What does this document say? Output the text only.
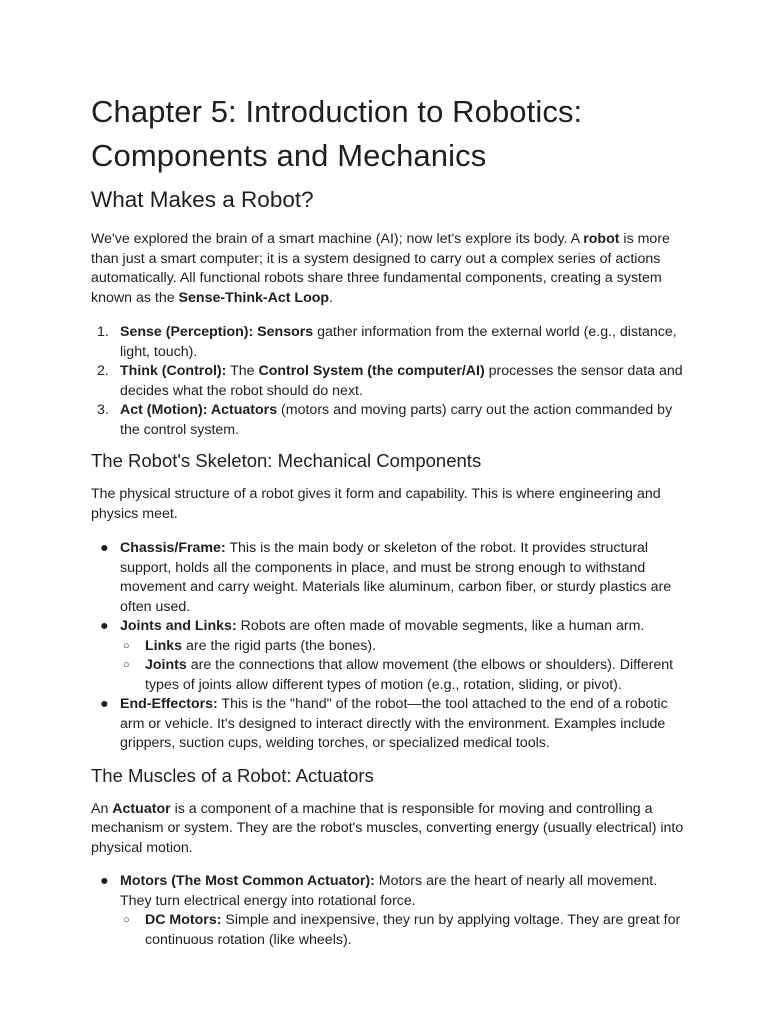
Chapter 5: Introduction to Robotics:
Components and Mechanics
What Makes a Robot?

We've explored the brain of a smart machine (AI); now let's explore its body. A robot is more than just a smart computer; it is a system designed to carry out a complex series of actions automatically. All functional robots share three fundamental components, creating a system known as the Sense-Think-Act Loop.

1. Sense (Perception): Sensors gather information from the external world (e.g., distance, light, touch).
2. Think (Control): The Control System (the computer/AI) processes the sensor data and decides what the robot should do next.
3. Act (Motion): Actuators (motors and moving parts) carry out the action commanded by the control system.
The Robot's Skeleton: Mechanical Components

The physical structure of a robot gives it form and capability. This is where engineering and physics meet.

● Chassis/Frame: This is the main body or skeleton of the robot. It provides structural support, holds all the components in place, and must be strong enough to withstand movement and carry weight. Materials like aluminum, carbon fiber, or sturdy plastics are often used.
● Joints and Links: Robots are often made of movable segments, like a human arm.
○ Links are the rigid parts (the bones).
○ Joints are the connections that allow movement (the elbows or shoulders). Different types of joints allow different types of motion (e.g., rotation, sliding, or pivot).
● End-Effectors: This is the "hand" of the robot—the tool attached to the end of a robotic arm or vehicle. It's designed to interact directly with the environment. Examples include grippers, suction cups, welding torches, or specialized medical tools.
The Muscles of a Robot: Actuators

An Actuator is a component of a machine that is responsible for moving and controlling a mechanism or system. They are the robot's muscles, converting energy (usually electrical) into physical motion.

● Motors (The Most Common Actuator): Motors are the heart of nearly all movement. They turn electrical energy into rotational force.
○ DC Motors: Simple and inexpensive, they run by applying voltage. They are great for continuous rotation (like wheels).
